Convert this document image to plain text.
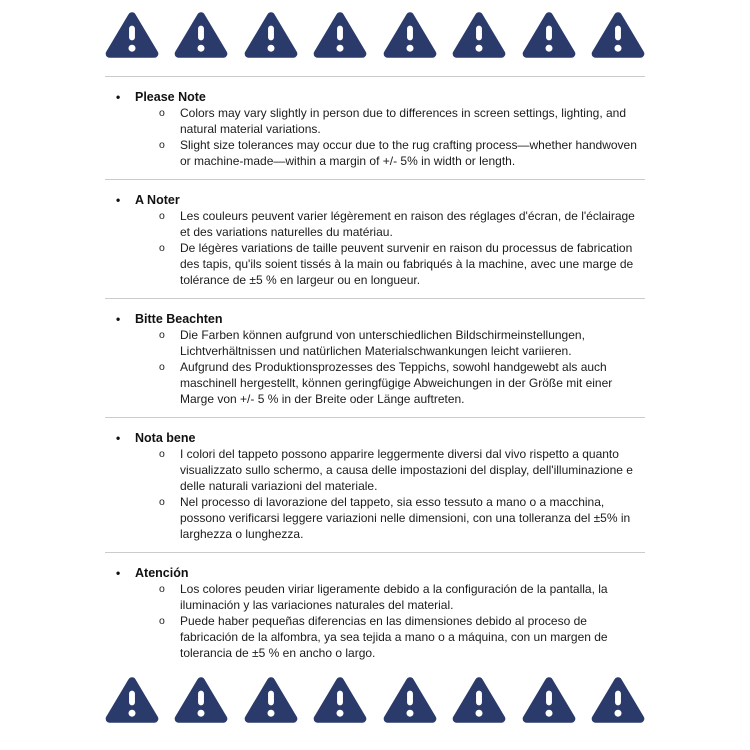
•	Please Note
o	Colors may vary slightly in person due to differences in screen settings, lighting, and natural material variations.
o	Slight size tolerances may occur due to the rug crafting process—whether handwoven or machine-made—within a margin of +/- 5% in width or length.
•	A Noter
o	Les couleurs peuvent varier légèrement en raison des réglages d'écran, de l'éclairage et des variations naturelles du matériau.
o	De légères variations de taille peuvent survenir en raison du processus de fabrication des tapis, qu'ils soient tissés à la main ou fabriqués à la machine, avec une marge de tolérance de ±5 % en largeur ou en longueur.
•	Bitte Beachten
o	Die Farben können aufgrund von unterschiedlichen Bildschirmeinstellungen, Lichtverhältnissen und natürlichen Materialschwankungen leicht variieren.
o	Aufgrund des Produktionsprozesses des Teppichs, sowohl handgewebt als auch maschinell hergestellt, können geringfügige Abweichungen in der Größe mit einer Marge von +/- 5 % in der Breite oder Länge auftreten.
•	Nota bene
o	I colori del tappeto possono apparire leggermente diversi dal vivo rispetto a quanto visualizzato sullo schermo, a causa delle impostazioni del display, dell'illuminazione e delle naturali variazioni del materiale.
o	Nel processo di lavorazione del tappeto, sia esso tessuto a mano o a macchina, possono verificarsi leggere variazioni nelle dimensioni, con una tolleranza del ±5% in larghezza o lunghezza.
•	Atención
o	Los colores peuden viriar ligeramente debido a la configuración de la pantalla, la iluminación y las variaciones naturales del material.
o	Puede haber pequeñas diferencias en las dimensiones debido al proceso de fabricación de la alfombra, ya sea tejida a mano o a máquina, con un margen de tolerancia de ±5 % en ancho o largo.
